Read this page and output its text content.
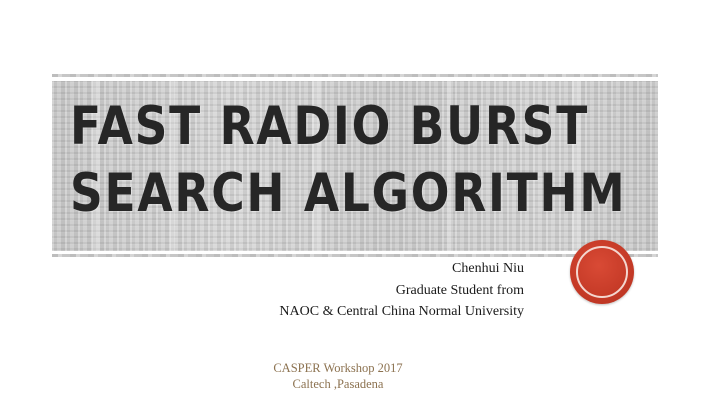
FAST RADIO BURST
SEARCH ALGORITHM
Chenhui Niu
Graduate Student from
NAOC & Central China Normal University
CASPER Workshop 2017
Caltech ,Pasadena
